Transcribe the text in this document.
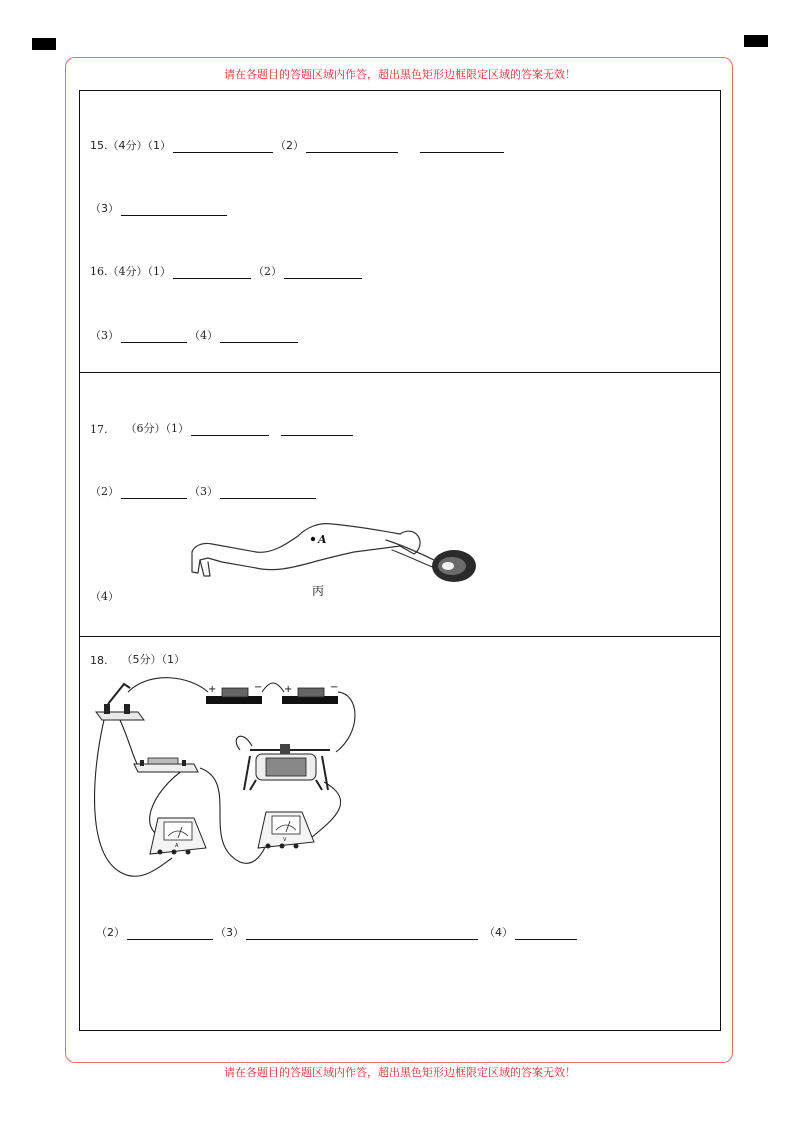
请在各题目的答题区域内作答，超出黑色矩形边框限定区域的答案无效！
请在各题目的答题区域内作答，超出黑色矩形边框限定区域的答案无效！
15.（4分）（1）	（2）
（3）
16.（4分）（1）	（2）
（3）	（4）
17. （6分）（1）
（2）	（3）
（4）
A
丙
18. （5分）（1）
+	− +	−
A
V
（2）	（3）	（4）
